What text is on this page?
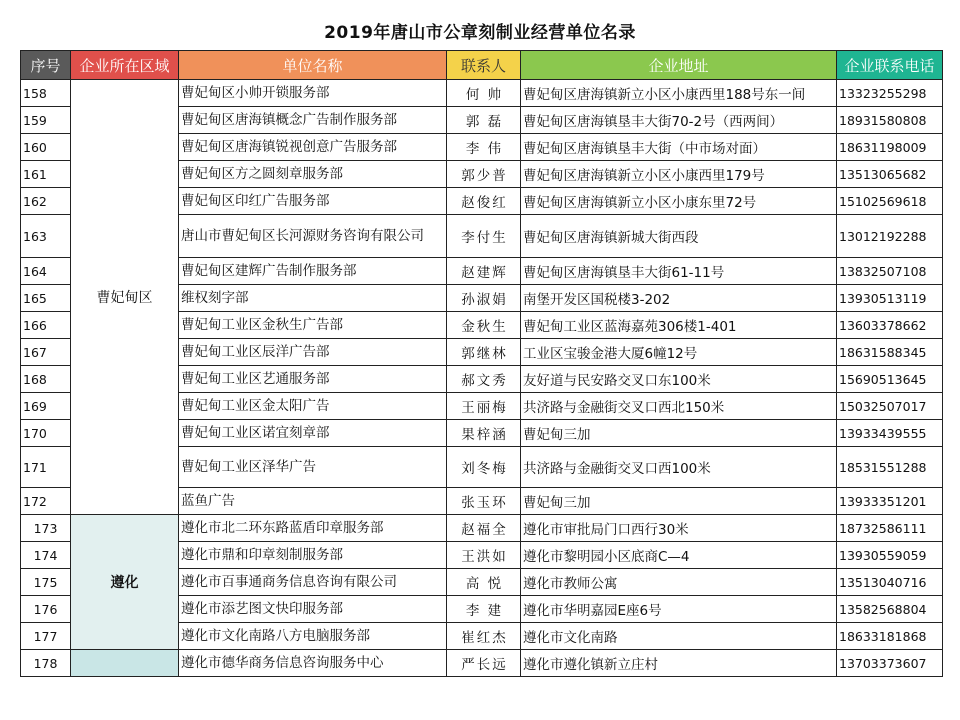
2019年唐山市公章刻制业经营单位名录
序号	企业所在区域	单位名称	联系人	企业地址	企业联系电话
158	曹妃甸区	曹妃甸区小帅开锁服务部	何 帅	曹妃甸区唐海镇新立小区小康西里188号东一间	13323255298
159		曹妃甸区唐海镇概念广告制作服务部	郭 磊	曹妃甸区唐海镇垦丰大街70-2号（西两间）	18931580808
160		曹妃甸区唐海镇锐视创意广告服务部	李 伟	曹妃甸区唐海镇垦丰大街（中市场对面）	18631198009
161		曹妃甸区方之圆刻章服务部	郭少普	曹妃甸区唐海镇新立小区小康西里179号	13513065682
162		曹妃甸区印红广告服务部	赵俊红	曹妃甸区唐海镇新立小区小康东里72号	15102569618
163		唐山市曹妃甸区长河源财务咨询有限公司	李付生	曹妃甸区唐海镇新城大街西段	13012192288
164		曹妃甸区建辉广告制作服务部	赵建辉	曹妃甸区唐海镇垦丰大街61-11号	13832507108
165		维权刻字部	孙淑娟	南堡开发区国税楼3-202	13930513119
166		曹妃甸工业区金秋生广告部	金秋生	曹妃甸工业区蓝海嘉苑306楼1-401	13603378662
167		曹妃甸工业区辰洋广告部	郭继林	工业区宝骏金港大厦6幢12号	18631588345
168		曹妃甸工业区艺通服务部	郝文秀	友好道与民安路交叉口东100米	15690513645
169		曹妃甸工业区金太阳广告	王丽梅	共济路与金融街交叉口西北150米	15032507017
170		曹妃甸工业区诺宜刻章部	果梓涵	曹妃甸三加	13933439555
171		曹妃甸工业区泽华广告	刘冬梅	共济路与金融街交叉口西100米	18531551288
172		蓝鱼广告	张玉环	曹妃甸三加	13933351201
173	遵化	遵化市北二环东路蓝盾印章服务部	赵福全	遵化市审批局门口西行30米	18732586111
174		遵化市鼎和印章刻制服务部	王洪如	遵化市黎明园小区底商C—4	13930559059
175		遵化市百事通商务信息咨询有限公司	高 悦	遵化市教师公寓	13513040716
176		遵化市添艺图文快印服务部	李 建	遵化市华明嘉园E座6号	13582568804
177		遵化市文化南路八方电脑服务部	崔红杰	遵化市文化南路	18633181868
178		遵化市德华商务信息咨询服务中心	严长远	遵化市遵化镇新立庄村	13703373607
